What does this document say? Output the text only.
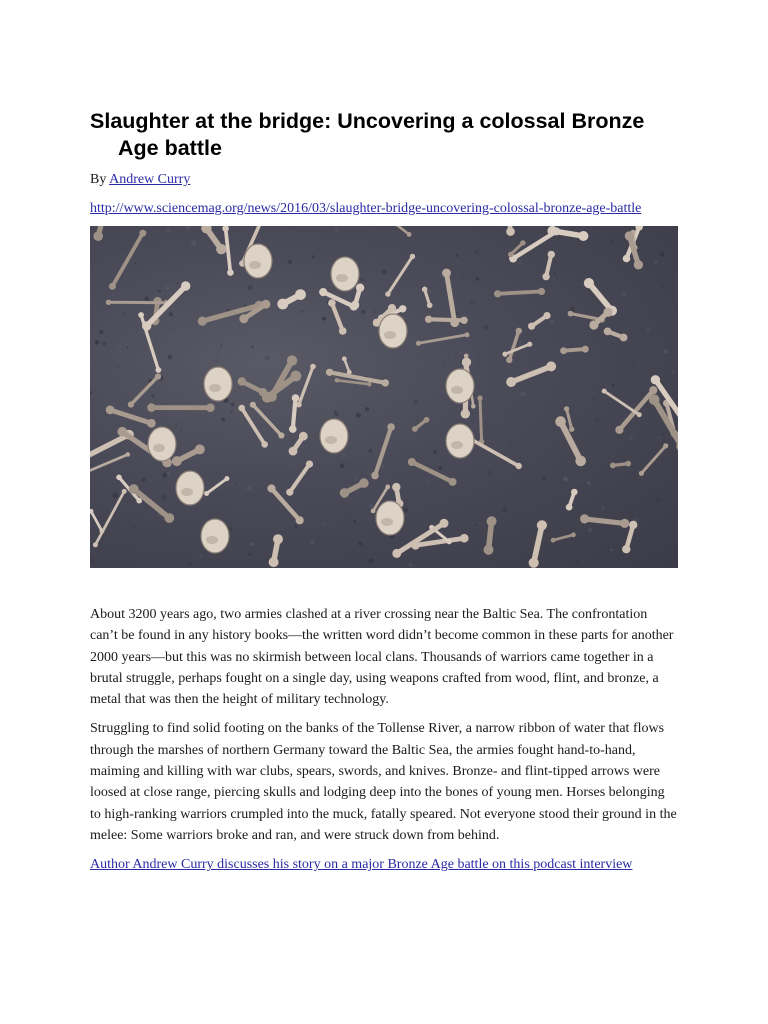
Slaughter at the bridge: Uncovering a colossal Bronze Age battle
By Andrew Curry
http://www.sciencemag.org/news/2016/03/slaughter-bridge-uncovering-colossal-bronze-age-battle

About 3200 years ago, two armies clashed at a river crossing near the Baltic Sea. The confrontation can’t be found in any history books—the written word didn’t become common in these parts for another 2000 years—but this was no skirmish between local clans. Thousands of warriors came together in a brutal struggle, perhaps fought on a single day, using weapons crafted from wood, flint, and bronze, a metal that was then the height of military technology.

Struggling to find solid footing on the banks of the Tollense River, a narrow ribbon of water that flows through the marshes of northern Germany toward the Baltic Sea, the armies fought hand-to-hand, maiming and killing with war clubs, spears, swords, and knives. Bronze- and flint-tipped arrows were loosed at close range, piercing skulls and lodging deep into the bones of young men. Horses belonging to high-ranking warriors crumpled into the muck, fatally speared. Not everyone stood their ground in the melee: Some warriors broke and ran, and were struck down from behind.

Author Andrew Curry discusses his story on a major Bronze Age battle on this podcast interview
